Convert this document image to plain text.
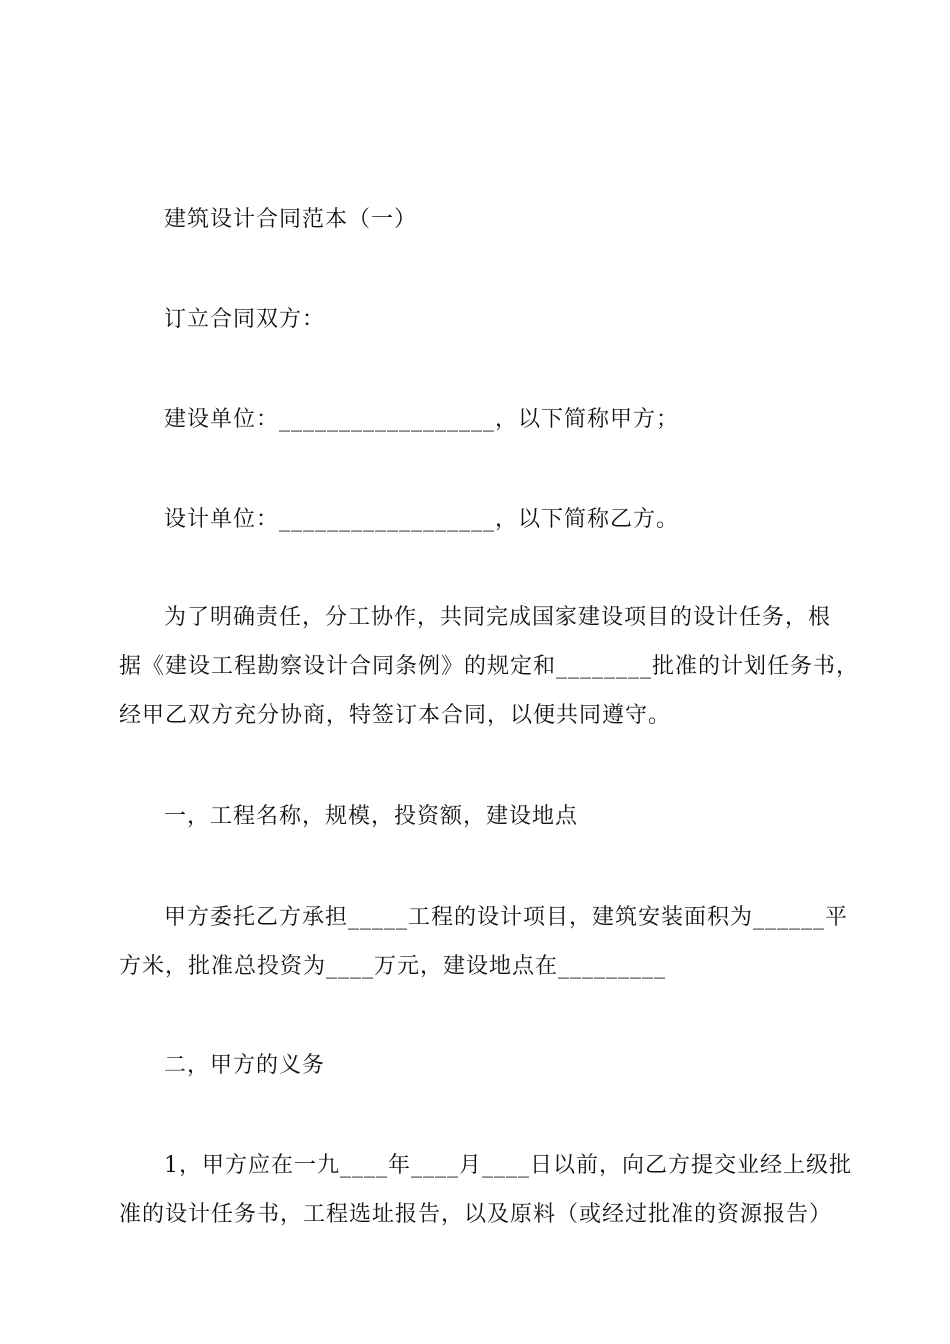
建筑设计合同范本（一）
订立合同双方：
建设单位：__________________，以下简称甲方；
设计单位：__________________，以下简称乙方。
为了明确责任，分工协作，共同完成国家建设项目的设计任务，根
据《建设工程勘察设计合同条例》的规定和________批准的计划任务书，
经甲乙双方充分协商，特签订本合同，以便共同遵守。
一，工程名称，规模，投资额，建设地点
甲方委托乙方承担_____工程的设计项目，建筑安装面积为______平
方米，批准总投资为____万元，建设地点在_________
二，甲方的义务
1，甲方应在一九____年____月____日以前，向乙方提交业经上级批
准的设计任务书，工程选址报告，以及原料（或经过批准的资源报告）
